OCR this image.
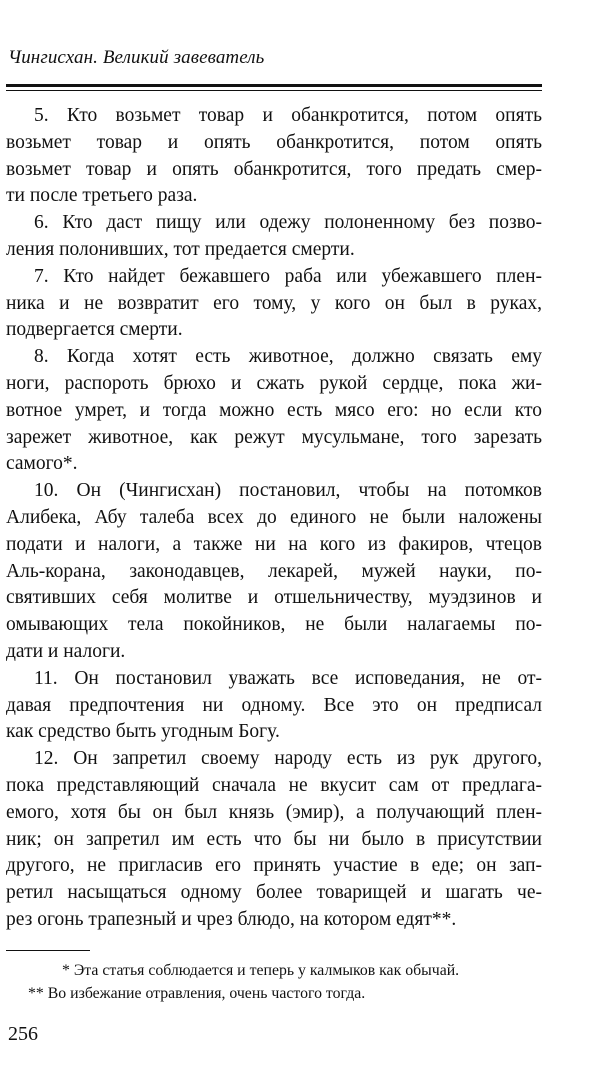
Чингисхан. Великий завеватель
5. Кто возьмет товар и обанкротится, потом опять
возьмет товар и опять обанкротится, потом опять
возьмет товар и опять обанкротится, того предать смер-
ти после третьего раза.
6. Кто даст пищу или одежу полоненному без позво-
ления полонивших, тот предается смерти.
7. Кто найдет бежавшего раба или убежавшего плен-
ника и не возвратит его тому, у кого он был в руках,
подвергается смерти.
8. Когда хотят есть животное, должно связать ему
ноги, распороть брюхо и сжать рукой сердце, пока жи-
вотное умрет, и тогда можно есть мясо его: но если кто
зарежет животное, как режут мусульмане, того зарезать
самого*.
10. Он (Чингисхан) постановил, чтобы на потомков
Алибека, Абу талеба всех до единого не были наложены
подати и налоги, а также ни на кого из факиров, чтецов
Аль-корана, законодавцев, лекарей, мужей науки, по-
святивших себя молитве и отшельничеству, муэдзинов и
омывающих тела покойников, не были налагаемы по-
дати и налоги.
11. Он постановил уважать все исповедания, не от-
давая предпочтения ни одному. Все это он предписал
как средство быть угодным Богу.
12. Он запретил своему народу есть из рук другого,
пока представляющий сначала не вкусит сам от предлага-
емого, хотя бы он был князь (эмир), а получающий плен-
ник; он запретил им есть что бы ни было в присутствии
другого, не пригласив его принять участие в еде; он зап-
ретил насыщаться одному более товарищей и шагать че-
рез огонь трапезный и чрез блюдо, на котором едят**.
* Эта статья соблюдается и теперь у калмыков как обычай.
** Во избежание отравления, очень частого тогда.
256
